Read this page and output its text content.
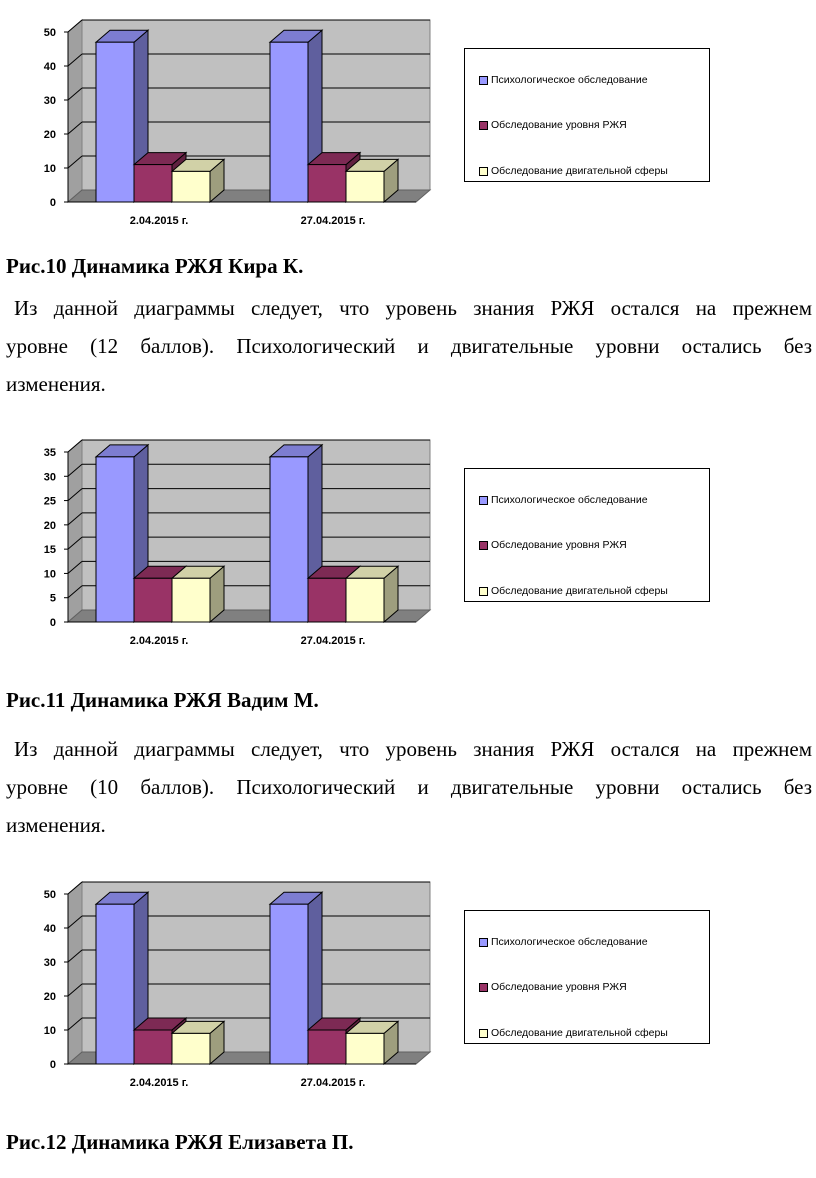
0
10
20
30
40
50
2.04.2015 г.	27.04.2015 г.
Психологическое обследование
Обследование уровня РЖЯ
Обследование двигательной сферы
Рис.10 Динамика РЖЯ Кира К.
Из данной диаграммы следует, что уровень знания РЖЯ остался на прежнем
уровне (12 баллов). Психологический и двигательные уровни остались без
изменения.
0
5
10
15
20
25
30
35
2.04.2015 г.	27.04.2015 г.
Психологическое обследование
Обследование уровня РЖЯ
Обследование двигательной сферы
Рис.11 Динамика РЖЯ Вадим М.
Из данной диаграммы следует, что уровень знания РЖЯ остался на прежнем
уровне (10 баллов). Психологический и двигательные уровни остались без
изменения.
0
10
20
30
40
50
2.04.2015 г.	27.04.2015 г.
Психологическое обследование
Обследование уровня РЖЯ
Обследование двигательной сферы
Рис.12 Динамика РЖЯ Елизавета П.
